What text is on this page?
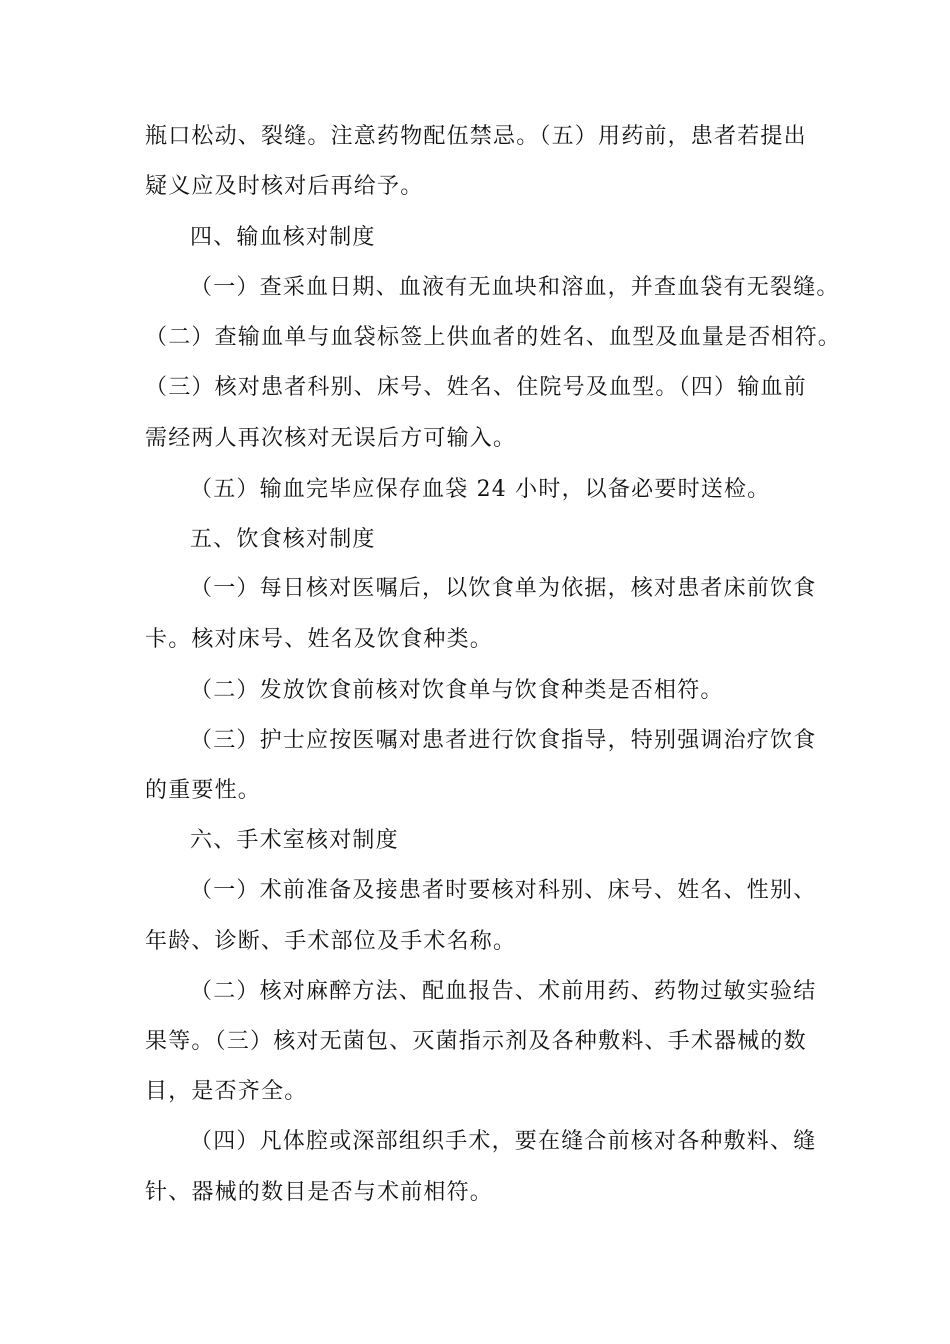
瓶口松动、裂缝。注意药物配伍禁忌。（五）用药前，患者若提出
疑义应及时核对后再给予。
四、输血核对制度
（一）查采血日期、血液有无血块和溶血，并查血袋有无裂缝。
（二）查输血单与血袋标签上供血者的姓名、血型及血量是否相符。
（三）核对患者科别、床号、姓名、住院号及血型。（四）输血前
需经两人再次核对无误后方可输入。
（五）输血完毕应保存血袋 24 小时，以备必要时送检。
五、饮食核对制度
（一）每日核对医嘱后，以饮食单为依据，核对患者床前饮食
卡。核对床号、姓名及饮食种类。
（二）发放饮食前核对饮食单与饮食种类是否相符。
（三）护士应按医嘱对患者进行饮食指导，特别强调治疗饮食
的重要性。
六、手术室核对制度
（一）术前准备及接患者时要核对科别、床号、姓名、性别、
年龄、诊断、手术部位及手术名称。
（二）核对麻醉方法、配血报告、术前用药、药物过敏实验结
果等。（三）核对无菌包、灭菌指示剂及各种敷料、手术器械的数
目，是否齐全。
（四）凡体腔或深部组织手术，要在缝合前核对各种敷料、缝
针、器械的数目是否与术前相符。
